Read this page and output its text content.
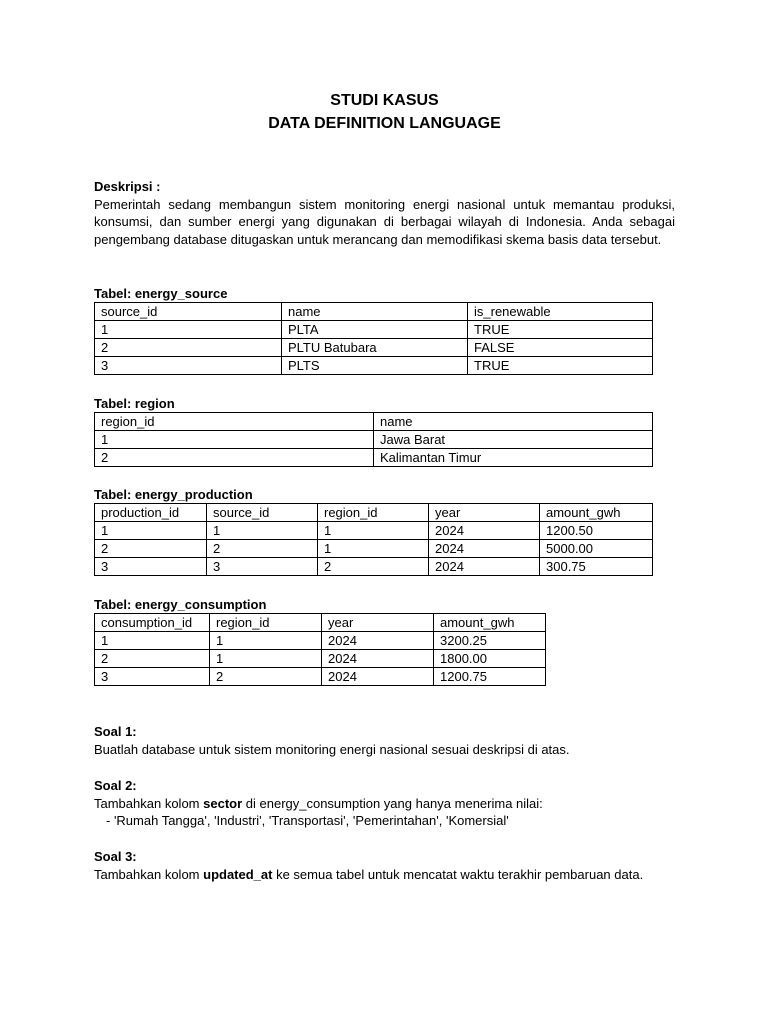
STUDI KASUS
DATA DEFINITION LANGUAGE
Deskripsi :
Pemerintah sedang membangun sistem monitoring energi nasional untuk memantau produksi, konsumsi, dan sumber energi yang digunakan di berbagai wilayah di Indonesia. Anda sebagai pengembang database ditugaskan untuk merancang dan memodifikasi skema basis data tersebut.
Tabel: energy_source
source_id	name	is_renewable
1	PLTA	TRUE
2	PLTU Batubara	FALSE
3	PLTS	TRUE
Tabel: region
region_id	name
1	Jawa Barat
2	Kalimantan Timur
Tabel: energy_production
production_id	source_id	region_id	year	amount_gwh
1	1	1	2024	1200.50
2	2	1	2024	5000.00
3	3	2	2024	300.75
Tabel: energy_consumption
consumption_id	region_id	year	amount_gwh
1	1	2024	3200.25
2	1	2024	1800.00
3	2	2024	1200.75
Soal 1:
Buatlah database untuk sistem monitoring energi nasional sesuai deskripsi di atas.
Soal 2:
Tambahkan kolom sector di energy_consumption yang hanya menerima nilai:
- 'Rumah Tangga', 'Industri', 'Transportasi', 'Pemerintahan', 'Komersial'
Soal 3:
Tambahkan kolom updated_at ke semua tabel untuk mencatat waktu terakhir pembaruan data.
